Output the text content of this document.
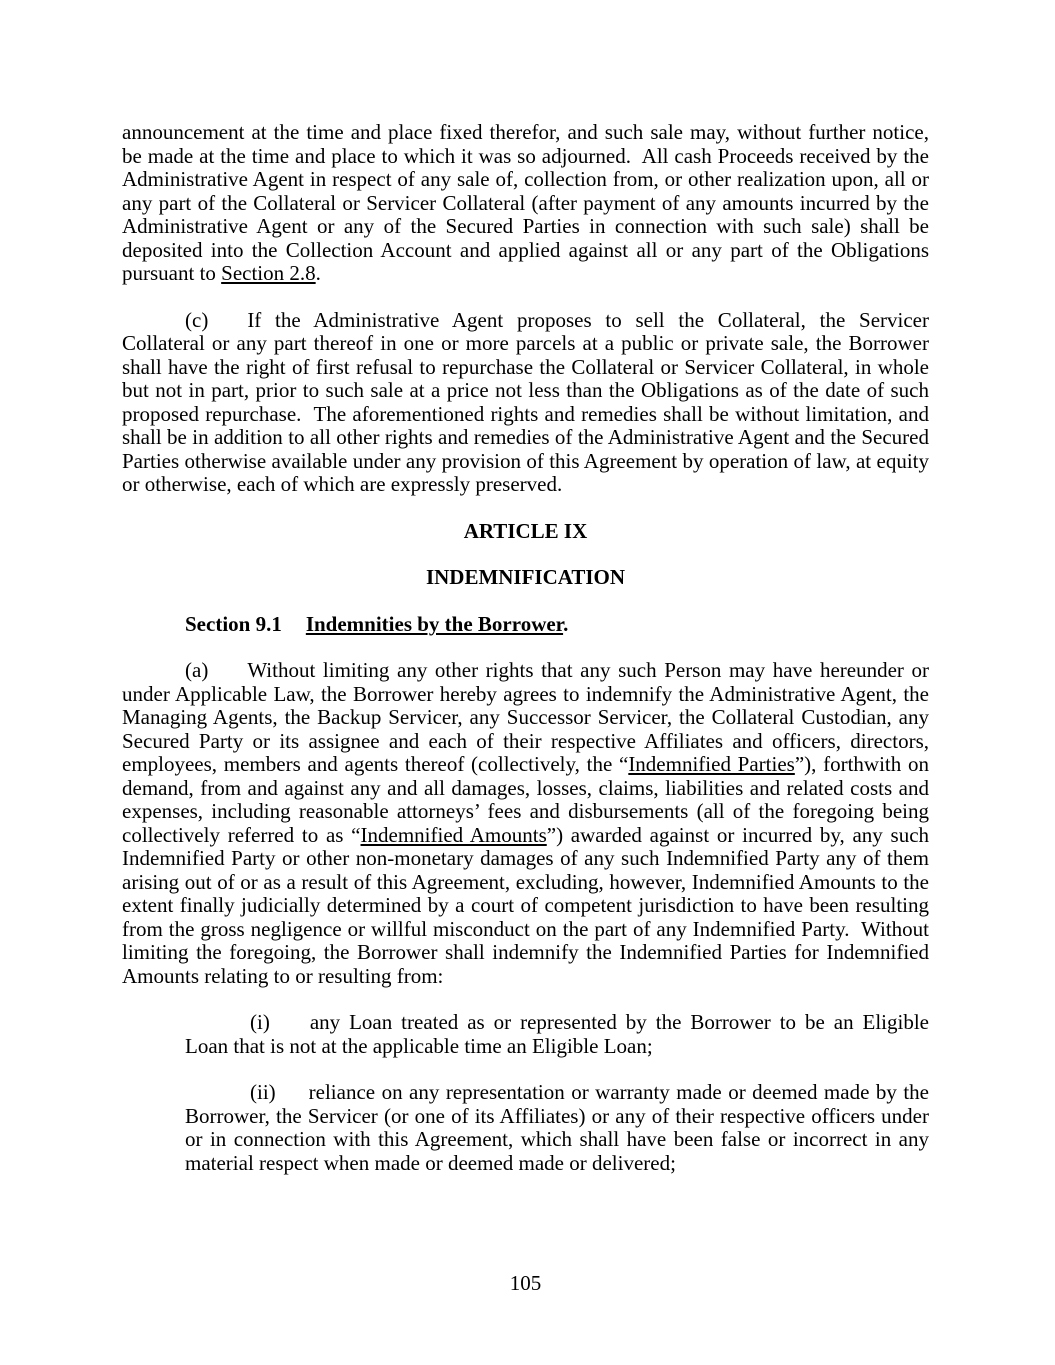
announcement at the time and place fixed therefor, and such sale may, without further notice, be made at the time and place to which it was so adjourned.  All cash Proceeds received by the Administrative Agent in respect of any sale of, collection from, or other realization upon, all or any part of the Collateral or Servicer Collateral (after payment of any amounts incurred by the Administrative Agent or any of the Secured Parties in connection with such sale) shall be deposited into the Collection Account and applied against all or any part of the Obligations pursuant to Section 2.8.

(c) If the Administrative Agent proposes to sell the Collateral, the Servicer Collateral or any part thereof in one or more parcels at a public or private sale, the Borrower shall have the right of first refusal to repurchase the Collateral or Servicer Collateral, in whole but not in part, prior to such sale at a price not less than the Obligations as of the date of such proposed repurchase.  The aforementioned rights and remedies shall be without limitation, and shall be in addition to all other rights and remedies of the Administrative Agent and the Secured Parties otherwise available under any provision of this Agreement by operation of law, at equity or otherwise, each of which are expressly preserved.

ARTICLE IX
INDEMNIFICATION

Section 9.1 Indemnities by the Borrower.

(a) Without limiting any other rights that any such Person may have hereunder or under Applicable Law, the Borrower hereby agrees to indemnify the Administrative Agent, the Managing Agents, the Backup Servicer, any Successor Servicer, the Collateral Custodian, any Secured Party or its assignee and each of their respective Affiliates and officers, directors, employees, members and agents thereof (collectively, the “Indemnified Parties”), forthwith on demand, from and against any and all damages, losses, claims, liabilities and related costs and expenses, including reasonable attorneys’ fees and disbursements (all of the foregoing being collectively referred to as “Indemnified Amounts”) awarded against or incurred by, any such Indemnified Party or other non-monetary damages of any such Indemnified Party any of them arising out of or as a result of this Agreement, excluding, however, Indemnified Amounts to the extent finally judicially determined by a court of competent jurisdiction to have been resulting from the gross negligence or willful misconduct on the part of any Indemnified Party.  Without limiting the foregoing, the Borrower shall indemnify the Indemnified Parties for Indemnified Amounts relating to or resulting from:

(i) any Loan treated as or represented by the Borrower to be an Eligible Loan that is not at the applicable time an Eligible Loan;

(ii) reliance on any representation or warranty made or deemed made by the Borrower, the Servicer (or one of its Affiliates) or any of their respective officers under or in connection with this Agreement, which shall have been false or incorrect in any material respect when made or deemed made or delivered;

105
